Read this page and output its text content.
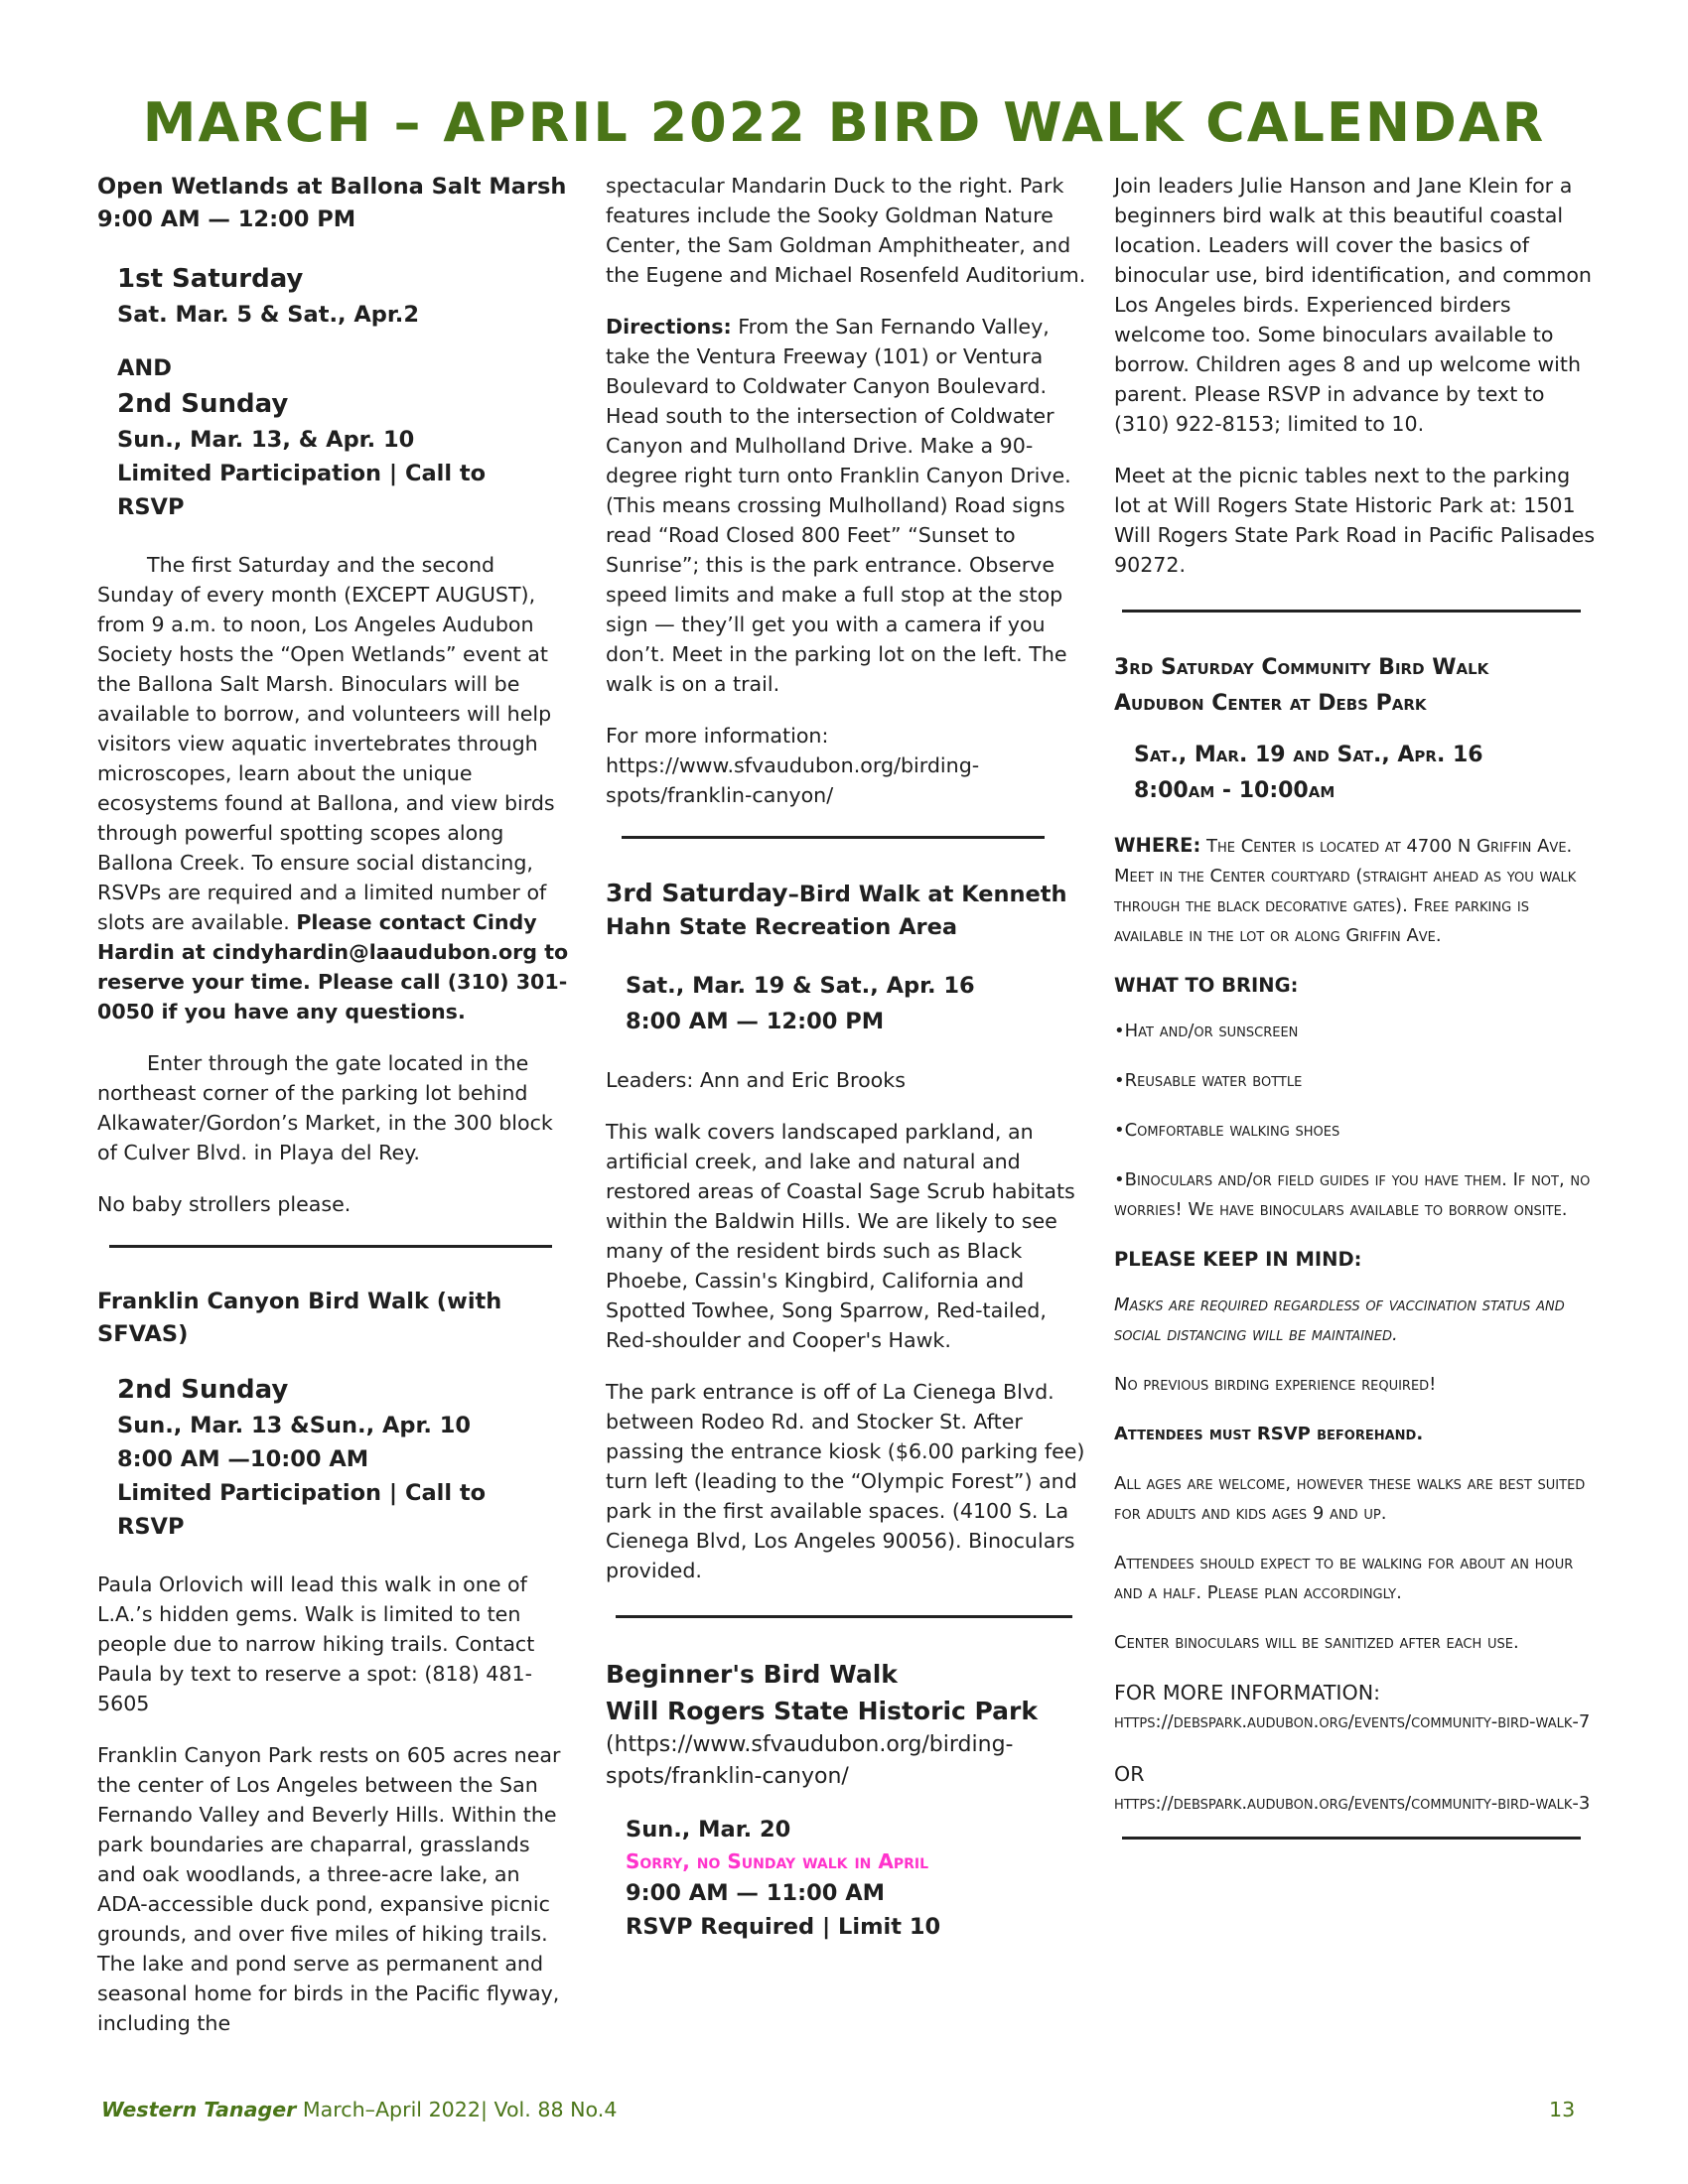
MARCH – APRIL 2022 BIRD WALK CALENDAR
Open Wetlands at Ballona Salt Marsh
9:00 AM — 12:00 PM
1st Saturday
Sat. Mar. 5 & Sat., Apr.2
AND
2nd Sunday
Sun., Mar. 13, & Apr. 10
Limited Participation | Call to
RSVP

The first Saturday and the second Sunday of every month (EXCEPT AUGUST), from 9 a.m. to noon, Los Angeles Audubon Society hosts the “Open Wetlands” event at the Ballona Salt Marsh. Binoculars will be available to borrow, and volunteers will help visitors view aquatic invertebrates through microscopes, learn about the unique ecosystems found at Ballona, and view birds through powerful spotting scopes along Ballona Creek. To ensure social distancing, RSVPs are required and a limited number of slots are available. Please contact Cindy Hardin at cindyhardin@laaudubon.org to reserve your time. Please call (310) 301-0050 if you have any questions.

Enter through the gate located in the northeast corner of the parking lot behind Alkawater/Gordon’s Market, in the 300 block of Culver Blvd. in Playa del Rey.

No baby strollers please.

Franklin Canyon Bird Walk (with SFVAS)
2nd Sunday
Sun., Mar. 13 &Sun., Apr. 10
8:00 AM —10:00 AM
Limited Participation | Call to
RSVP

Paula Orlovich will lead this walk in one of L.A.’s hidden gems. Walk is limited to ten people due to narrow hiking trails. Contact Paula by text to reserve a spot: (818) 481-5605

Franklin Canyon Park rests on 605 acres near the center of Los Angeles between the San Fernando Valley and Beverly Hills. Within the park boundaries are chaparral, grasslands and oak woodlands, a three-acre lake, an ADA-accessible duck pond, expansive picnic grounds, and over five miles of hiking trails. The lake and pond serve as permanent and seasonal home for birds in the Pacific flyway, including the

spectacular Mandarin Duck to the right. Park features include the Sooky Goldman Nature Center, the Sam Goldman Amphitheater, and the Eugene and Michael Rosenfeld Auditorium.

Directions: From the San Fernando Valley, take the Ventura Freeway (101) or Ventura Boulevard to Coldwater Canyon Boulevard. Head south to the intersection of Coldwater Canyon and Mulholland Drive. Make a 90-degree right turn onto Franklin Canyon Drive. (This means crossing Mulholland) Road signs read “Road Closed 800 Feet” “Sunset to Sunrise”; this is the park entrance. Observe speed limits and make a full stop at the stop sign — they’ll get you with a camera if you don’t. Meet in the parking lot on the left. The walk is on a trail.

For more information: https://www.sfvaudubon.org/birding-spots/franklin-canyon/

3rd Saturday–Bird Walk at Kenneth Hahn State Recreation Area
Sat., Mar. 19 & Sat., Apr. 16
8:00 AM — 12:00 PM

Leaders: Ann and Eric Brooks

This walk covers landscaped parkland, an artificial creek, and lake and natural and restored areas of Coastal Sage Scrub habitats within the Baldwin Hills. We are likely to see many of the resident birds such as Black Phoebe, Cassin's Kingbird, California and Spotted Towhee, Song Sparrow, Red-tailed, Red-shoulder and Cooper's Hawk.

The park entrance is off of La Cienega Blvd. between Rodeo Rd. and Stocker St. After passing the entrance kiosk ($6.00 parking fee) turn left (leading to the “Olympic Forest”) and park in the first available spaces. (4100 S. La Cienega Blvd, Los Angeles 90056). Binoculars provided.

Beginner's Bird Walk
Will Rogers State Historic Park
(https://www.sfvaudubon.org/birding-spots/franklin-canyon/
Sun., Mar. 20
Sorry, no Sunday walk in April
9:00 AM — 11:00 AM
RSVP Required | Limit 10

Join leaders Julie Hanson and Jane Klein for a beginners bird walk at this beautiful coastal location. Leaders will cover the basics of binocular use, bird identification, and common Los Angeles birds. Experienced birders welcome too. Some binoculars available to borrow. Children ages 8 and up welcome with parent. Please RSVP in advance by text to (310) 922-8153; limited to 10.

Meet at the picnic tables next to the parking lot at Will Rogers State Historic Park at: 1501 Will Rogers State Park Road in Pacific Palisades 90272.

3rd Saturday Community Bird Walk
Audubon Center at Debs Park
Sat., Mar. 19 and Sat., Apr. 16
8:00am - 10:00am

WHERE: The Center is located at 4700 N Griffin Ave. Meet in the Center courtyard (straight ahead as you walk through the black decorative gates). Free parking is available in the lot or along Griffin Ave.

WHAT TO BRING:

•Hat and/or sunscreen

•Reusable water bottle

•Comfortable walking shoes

•Binoculars and/or field guides if you have them. If not, no worries! We have binoculars available to borrow onsite.

PLEASE KEEP IN MIND:

Masks are required regardless of vaccination status and social distancing will be maintained.

No previous birding experience required!

Attendees must RSVP beforehand.

All ages are welcome, however these walks are best suited for adults and kids ages 9 and up.

Attendees should expect to be walking for about an hour and a half. Please plan accordingly.

Center binoculars will be sanitized after each use.

FOR MORE INFORMATION:

https://debspark.audubon.org/events/community-bird-walk-7

OR

https://debspark.audubon.org/events/community-bird-walk-3

Western Tanager March–April 2022| Vol. 88 No.4	13
